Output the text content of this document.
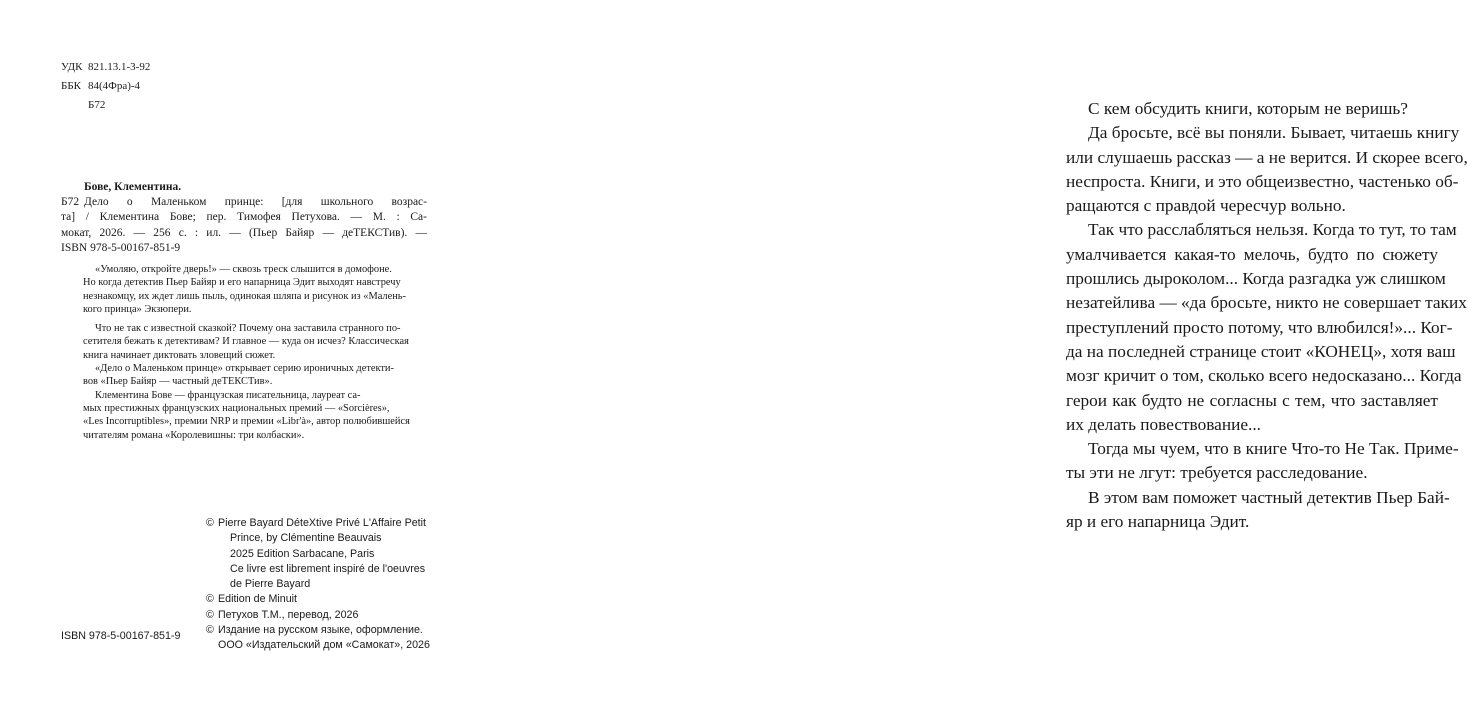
УДК 821.13.1-3-92
ББК 84(4Фра)-4
Б72
Бове, Клементина.
Б72 Дело о Маленьком принце: [для школьного возрас-
та] / Клементина Бове; пер. Тимофея Петухова. — М. : Са-
мокат, 2026. — 256 с. : ил. — (Пьер Байяр — деТЕКСТив). —
ISBN 978-5-00167-851-9
«Умоляю, откройте дверь!» — сквозь треск слышится в домофоне.
Но когда детектив Пьер Байяр и его напарница Эдит выходят навстречу
незнакомцу, их ждет лишь пыль, одинокая шляпа и рисунок из «Малень-
кого принца» Экзюпери.
Что не так с известной сказкой? Почему она заставила странного по-
сетителя бежать к детективам? И главное — куда он исчез? Классическая
книга начинает диктовать зловещий сюжет.
«Дело о Маленьком принце» открывает серию ироничных детекти-
вов «Пьер Байяр — частный деТЕКСТив».
Клементина Бове — французская писательница, лауреат са-
мых престижных французских национальных премий — «Sorcières»,
«Les Incorruptibles», премии NRP и премии «Libr'à», автор полюбившейся
читателям романа «Королевишны: три колбаски».
© Pierre Bayard DéteXtive Privé L'Affaire Petit
Prince, by Clémentine Beauvais
2025 Edition Sarbacane, Paris
Ce livre est librement inspiré de l'oeuvres
de Pierre Bayard
© Edition de Minuit
© Петухов Т.М., перевод, 2026
© Издание на русском языке, оформление.
ООО «Издательский дом «Самокат», 2026
ISBN 978-5-00167-851-9
С кем обсудить книги, которым не веришь?
Да бросьте, всё вы поняли. Бывает, читаешь книгу
или слушаешь рассказ — а не верится. И скорее всего,
неспроста. Книги, и это общеизвестно, частенько об-
ращаются с правдой чересчур вольно.
Так что расслабляться нельзя. Когда то тут, то там
умалчивается какая-то мелочь, будто по сюжету
прошлись дыроколом... Когда разгадка уж слишком
незатейлива — «да бросьте, никто не совершает таких
преступлений просто потому, что влюбился!»... Ког-
да на последней странице стоит «КОНЕЦ», хотя ваш
мозг кричит о том, сколько всего недосказано... Когда
герои как будто не согласны с тем, что заставляет
их делать повествование...
Тогда мы чуем, что в книге Что-то Не Так. Приме-
ты эти не лгут: требуется расследование.
В этом вам поможет частный детектив Пьер Бай-
яр и его напарница Эдит.
